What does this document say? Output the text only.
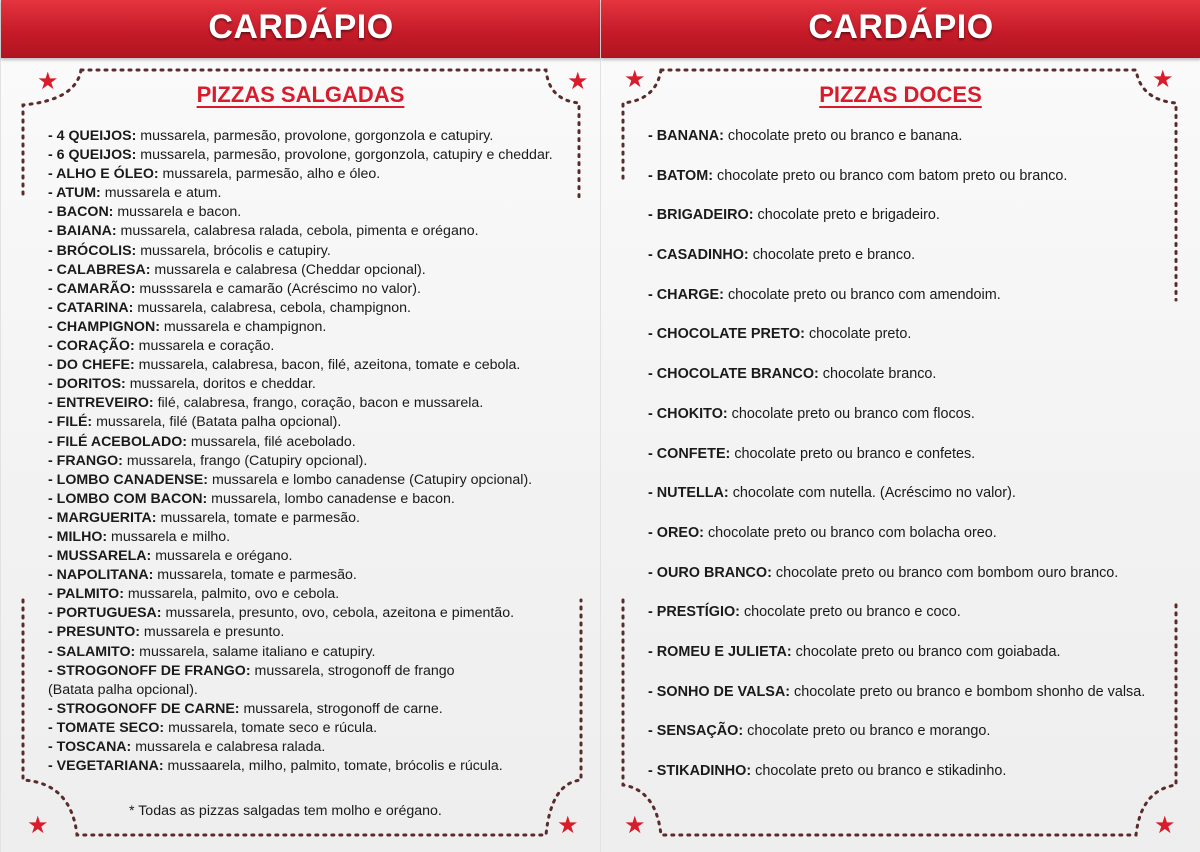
CARDÁPIO
★	★
★	★
PIZZAS SALGADAS
- 4 QUEIJOS: mussarela, parmesão, provolone, gorgonzola e catupiry.
- 6 QUEIJOS: mussarela, parmesão, provolone, gorgonzola, catupiry e cheddar.
- ALHO E ÓLEO: mussarela, parmesão, alho e óleo.
- ATUM: mussarela e atum.
- BACON: mussarela e bacon.
- BAIANA: mussarela, calabresa ralada, cebola, pimenta e orégano.
- BRÓCOLIS: mussarela, brócolis e catupiry.
- CALABRESA: mussarela e calabresa (Cheddar opcional).
- CAMARÃO: musssarela e camarão (Acréscimo no valor).
- CATARINA: mussarela, calabresa, cebola, champignon.
- CHAMPIGNON: mussarela e champignon.
- CORAÇÃO: mussarela e coração.
- DO CHEFE: mussarela, calabresa, bacon, filé, azeitona, tomate e cebola.
- DORITOS: mussarela, doritos e cheddar.
- ENTREVEIRO: filé, calabresa, frango, coração, bacon e mussarela.
- FILÉ: mussarela, filé (Batata palha opcional).
- FILÉ ACEBOLADO: mussarela, filé acebolado.
- FRANGO: mussarela, frango (Catupiry opcional).
- LOMBO CANADENSE: mussarela e lombo canadense (Catupiry opcional).
- LOMBO COM BACON: mussarela, lombo canadense e bacon.
- MARGUERITA: mussarela, tomate e parmesão.
- MILHO: mussarela e milho.
- MUSSARELA: mussarela e orégano.
- NAPOLITANA: mussarela, tomate e parmesão.
- PALMITO: mussarela, palmito, ovo e cebola.
- PORTUGUESA: mussarela, presunto, ovo, cebola, azeitona e pimentão.
- PRESUNTO: mussarela e presunto.
- SALAMITO: mussarela, salame italiano e catupiry.
- STROGONOFF DE FRANGO: mussarela, strogonoff de frango
(Batata palha opcional).
- STROGONOFF DE CARNE: mussarela, strogonoff de carne.
- TOMATE SECO: mussarela, tomate seco e rúcula.
- TOSCANA: mussarela e calabresa ralada.
- VEGETARIANA: mussaarela, milho, palmito, tomate, brócolis e rúcula.
* Todas as pizzas salgadas tem molho e orégano.
CARDÁPIO
★	★
★	★
PIZZAS DOCES
- BANANA: chocolate preto ou branco e banana.
- BATOM: chocolate preto ou branco com batom preto ou branco.
- BRIGADEIRO: chocolate preto e brigadeiro.
- CASADINHO: chocolate preto e branco.
- CHARGE: chocolate preto ou branco com amendoim.
- CHOCOLATE PRETO: chocolate preto.
- CHOCOLATE BRANCO: chocolate branco.
- CHOKITO: chocolate preto ou branco com flocos.
- CONFETE: chocolate preto ou branco e confetes.
- NUTELLA: chocolate com nutella. (Acréscimo no valor).
- OREO: chocolate preto ou branco com bolacha oreo.
- OURO BRANCO: chocolate preto ou branco com bombom ouro branco.
- PRESTÍGIO: chocolate preto ou branco e coco.
- ROMEU E JULIETA: chocolate preto ou branco com goiabada.
- SONHO DE VALSA: chocolate preto ou branco e bombom shonho de valsa.
- SENSAÇÃO: chocolate preto ou branco e morango.
- STIKADINHO: chocolate preto ou branco e stikadinho.
